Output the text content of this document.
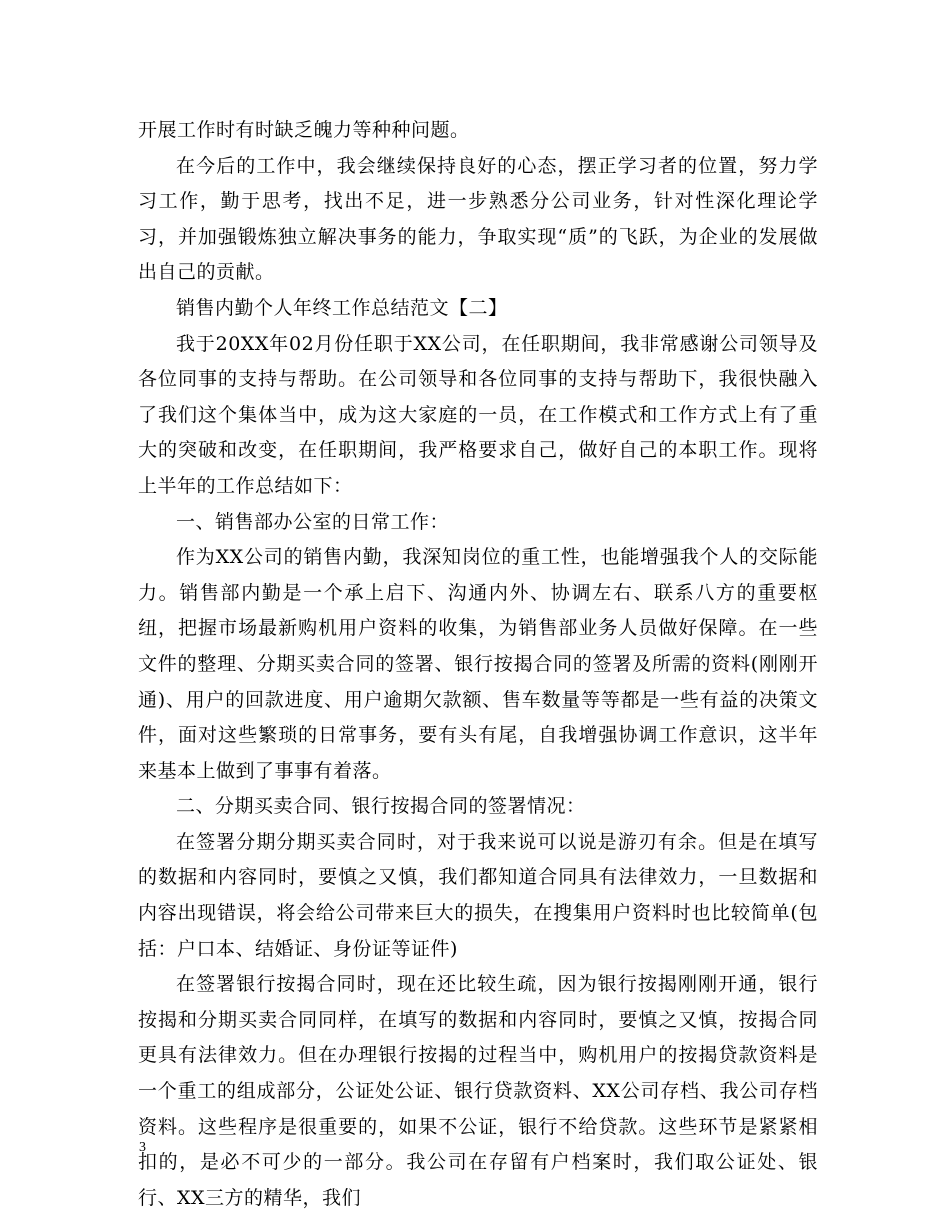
开展工作时有时缺乏魄力等种种问题。

在今后的工作中，我会继续保持良好的心态，摆正学习者的位置，努力学习工作，勤于思考，找出不足，进一步熟悉分公司业务，针对性深化理论学习，并加强锻炼独立解决事务的能力，争取实现“质”的飞跃，为企业的发展做出自己的贡献。

销售内勤个人年终工作总结范文【二】

我于20XX年02月份任职于XX公司，在任职期间，我非常感谢公司领导及各位同事的支持与帮助。在公司领导和各位同事的支持与帮助下，我很快融入了我们这个集体当中，成为这大家庭的一员，在工作模式和工作方式上有了重大的突破和改变，在任职期间，我严格要求自己，做好自己的本职工作。现将上半年的工作总结如下：

一、销售部办公室的日常工作：

作为XX公司的销售内勤，我深知岗位的重工性，也能增强我个人的交际能力。销售部内勤是一个承上启下、沟通内外、协调左右、联系八方的重要枢纽，把握市场最新购机用户资料的收集，为销售部业务人员做好保障。在一些文件的整理、分期买卖合同的签署、银行按揭合同的签署及所需的资料(刚刚开通)、用户的回款进度、用户逾期欠款额、售车数量等等都是一些有益的决策文件，面对这些繁琐的日常事务，要有头有尾，自我增强协调工作意识，这半年来基本上做到了事事有着落。

二、分期买卖合同、银行按揭合同的签署情况：

在签署分期分期买卖合同时，对于我来说可以说是游刃有余。但是在填写的数据和内容同时，要慎之又慎，我们都知道合同具有法律效力，一旦数据和内容出现错误，将会给公司带来巨大的损失，在搜集用户资料时也比较简单(包括：户口本、结婚证、身份证等证件)

在签署银行按揭合同时，现在还比较生疏，因为银行按揭刚刚开通，银行按揭和分期买卖合同同样，在填写的数据和内容同时，要慎之又慎，按揭合同更具有法律效力。但在办理银行按揭的过程当中，购机用户的按揭贷款资料是一个重工的组成部分，公证处公证、银行贷款资料、XX公司存档、我公司存档资料。这些程序是很重要的，如果不公证，银行不给贷款。这些环节是紧紧相扣的，是必不可少的一部分。我公司在存留有户档案时，我们取公证处、银行、XX三方的精华，我们

3
